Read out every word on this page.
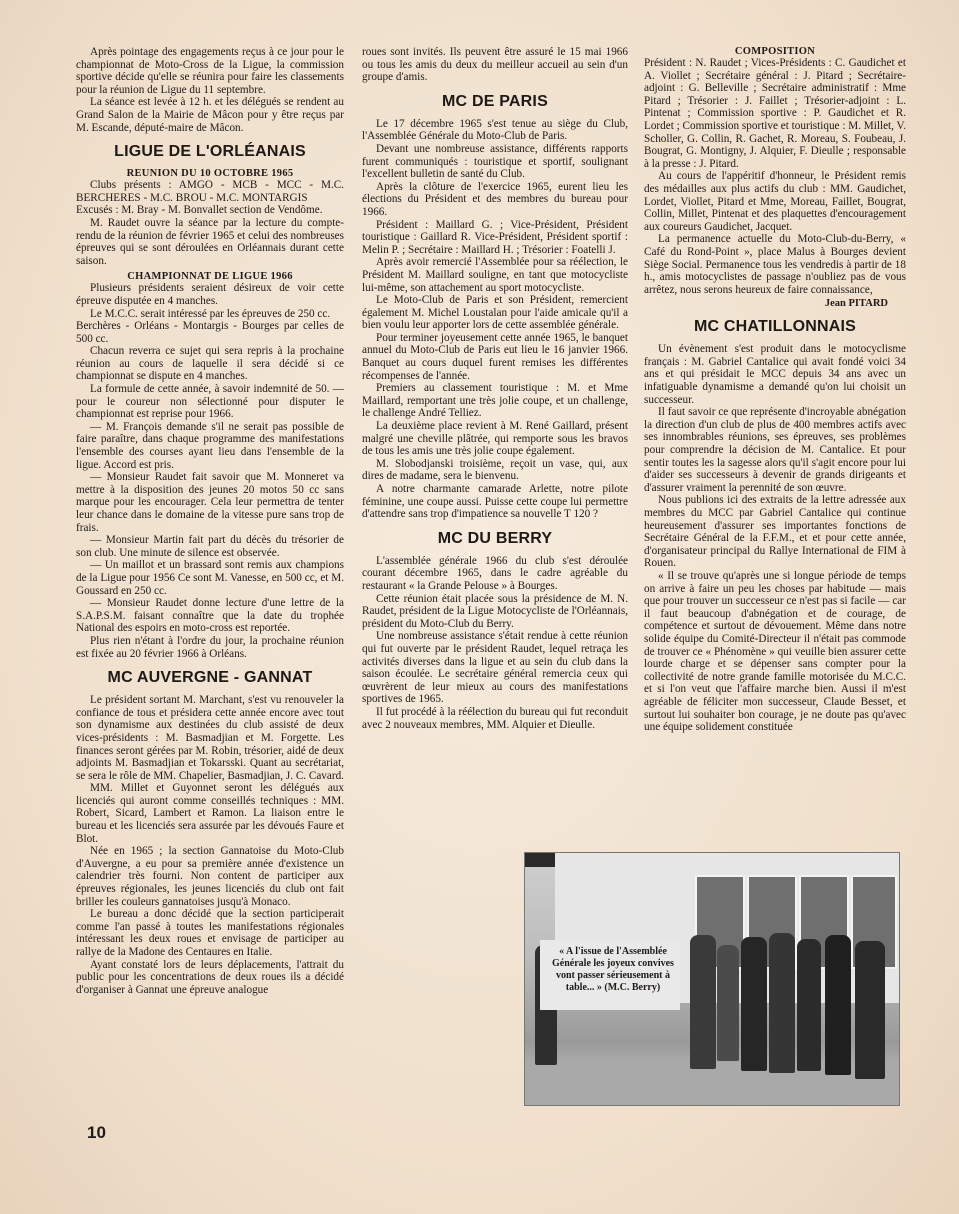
Après pointage des engagements reçus à ce jour pour le championnat de Moto-Cross de la Ligue, la commission sportive décide qu'elle se réunira pour faire les classements pour la réunion de Ligue du 11 septembre.

La séance est levée à 12 h. et les délégués se rendent au Grand Salon de la Mairie de Mâcon pour y être reçus par M. Escande, député-maire de Mâcon.

LIGUE DE L'ORLÉANAIS
REUNION DU 10 OCTOBRE 1965

Clubs présents : AMGO - MCB - MCC - M.C. BERCHERES - M.C. BROU - M.C. MONTARGIS

Excusés : M. Bray - M. Bonvallet section de Vendôme.

M. Raudet ouvre la séance par la lecture du compte-rendu de la réunion de février 1965 et celui des nombreuses épreuves qui se sont déroulées en Orléannais durant cette saison.

CHAMPIONNAT DE LIGUE 1966

Plusieurs présidents seraient désireux de voir cette épreuve disputée en 4 manches.

Le M.C.C. serait intéressé par les épreuves de 250 cc.

Berchères - Orléans - Montargis - Bourges par celles de 500 cc.

Chacun reverra ce sujet qui sera repris à la prochaine réunion au cours de laquelle il sera décidé si ce championnat se dispute en 4 manches.

La formule de cette année, à savoir indemnité de 50. — pour le coureur non sélectionné pour disputer le championnat est reprise pour 1966.

— M. François demande s'il ne serait pas possible de faire paraître, dans chaque programme des manifestations l'ensemble des courses ayant lieu dans l'ensemble de la ligue. Accord est pris.

— Monsieur Raudet fait savoir que M. Monneret va mettre à la disposition des jeunes 20 motos 50 cc sans marque pour les encourager. Cela leur permettra de tenter leur chance dans le domaine de la vitesse pure sans trop de frais.

— Monsieur Martin fait part du décès du trésorier de son club. Une minute de silence est observée.

— Un maillot et un brassard sont remis aux champions de la Ligue pour 1956 Ce sont M. Vanesse, en 500 cc, et M. Goussard en 250 cc.

— Monsieur Raudet donne lecture d'une lettre de la S.A.P.S.M. faisant connaître que la date du trophée National des espoirs en moto-cross est reportée.

Plus rien n'étant à l'ordre du jour, la prochaine réunion est fixée au 20 février 1966 à Orléans.

MC AUVERGNE - GANNAT

Le président sortant M. Marchant, s'est vu renouveler la confiance de tous et présidera cette année encore avec tout son dynamisme aux destinées du club assisté de deux vices-présidents : M. Basmadjian et M. Forgette. Les finances seront gérées par M. Robin, trésorier, aidé de deux adjoints M. Basmadjian et Tokarsski. Quant au secrétariat, se sera le rôle de MM. Chapelier, Basmadjian, J. C. Cavard.

MM. Millet et Guyonnet seront les délégués aux licenciés qui auront comme conseillés techniques : MM. Robert, Sicard, Lambert et Ramon. La liaison entre le bureau et les licenciés sera assurée par les dévoués Faure et Blot.

Née en 1965 ; la section Gannatoise du Moto-Club d'Auvergne, a eu pour sa première année d'existence un calendrier très fourni. Non content de participer aux épreuves régionales, les jeunes licenciés du club ont fait briller les couleurs gannatoises jusqu'à Monaco.

Le bureau a donc décidé que la section participerait comme l'an passé à toutes les manifestations régionales intéressant les deux roues et envisage de participer au rallye de la Madone des Centaures en Italie.

Ayant constaté lors de leurs déplacements, l'attrait du public pour les concentrations de deux roues ils a décidé d'organiser à Gannat une épreuve analogue

roues sont invités. Ils peuvent être assuré le 15 mai 1966 ou tous les amis du deux du meilleur accueil au sein d'un groupe d'amis.

MC DE PARIS

Le 17 décembre 1965 s'est tenue au siège du Club, l'Assemblée Générale du Moto-Club de Paris.

Devant une nombreuse assistance, différents rapports furent communiqués : touristique et sportif, soulignant l'excellent bulletin de santé du Club.

Après la clôture de l'exercice 1965, eurent lieu les élections du Président et des membres du bureau pour 1966.

Président : Maillard G. ; Vice-Président, Président touristique : Gaillard R. Vice-Président, Président sportif : Melin P. ; Secrétaire : Maillard H. ; Trésorier : Foatelli J.

Après avoir remercié l'Assemblée pour sa réélection, le Président M. Maillard souligne, en tant que motocycliste lui-même, son attachement au sport motocycliste.

Le Moto-Club de Paris et son Président, remercient également M. Michel Loustalan pour l'aide amicale qu'il a bien voulu leur apporter lors de cette assemblée générale.

Pour terminer joyeusement cette année 1965, le banquet annuel du Moto-Club de Paris eut lieu le 16 janvier 1966. Banquet au cours duquel furent remises les différentes récompenses de l'année.

Premiers au classement touristique : M. et Mme Maillard, remportant une très jolie coupe, et un challenge, le challenge André Telliez.

La deuxième place revient à M. René Gaillard, présent malgré une cheville plâtrée, qui remporte sous les bravos de tous les amis une très jolie coupe également.

M. Slobodjanski troisième, reçoit un vase, qui, aux dires de madame, sera le bienvenu.

A notre charmante camarade Arlette, notre pilote féminine, une coupe aussi. Puisse cette coupe lui permettre d'attendre sans trop d'impatience sa nouvelle T 120 ?

MC DU BERRY

L'assemblée générale 1966 du club s'est déroulée courant décembre 1965, dans le cadre agréable du restaurant « la Grande Pelouse » à Bourges.

Cette réunion était placée sous la présidence de M. N. Raudet, président de la Ligue Motocycliste de l'Orléannais, président du Moto-Club du Berry.

Une nombreuse assistance s'était rendue à cette réunion qui fut ouverte par le président Raudet, lequel retraça les activités diverses dans la ligue et au sein du club dans la saison écoulée. Le secrétaire général remercia ceux qui œuvrèrent de leur mieux au cours des manifestations sportives de 1965.

Il fut procédé à la réélection du bureau qui fut reconduit avec 2 nouveaux membres, MM. Alquier et Dieulle.

COMPOSITION

Président : N. Raudet ; Vices-Présidents : C. Gaudichet et A. Viollet ; Secrétaire général : J. Pitard ; Secrétaire-adjoint : G. Belleville ; Secrétaire administratif : Mme Pitard ; Trésorier : J. Faillet ; Trésorier-adjoint : L. Pintenat ; Commission sportive : P. Gaudichet et R. Lordet ; Commission sportive et touristique : M. Millet, V. Scholler, G. Collin, R. Gachet, R. Moreau, S. Foubeau, J. Bougrat, G. Montigny, J. Alquier, F. Dieulle ; responsable à la presse : J. Pitard.

Au cours de l'appéritif d'honneur, le Président remis des médailles aux plus actifs du club : MM. Gaudichet, Lordet, Viollet, Pitard et Mme, Moreau, Faillet, Bougrat, Collin, Millet, Pintenat et des plaquettes d'encouragement aux coureurs Gaudichet, Jacquet.

La permanence actuelle du Moto-Club-du-Berry, « Café du Rond-Point », place Malus à Bourges devient Siège Social. Permanence tous les vendredis à partir de 18 h., amis motocyclistes de passage n'oubliez pas de vous arrêtez, nous serons heureux de faire connaissance,

Jean PITARD
MC CHATILLONNAIS

Un évènement s'est produit dans le motocyclisme français : M. Gabriel Cantalice qui avait fondé voici 34 ans et qui présidait le MCC depuis 34 ans avec un infatiguable dynamisme a demandé qu'on lui choisit un successeur.

Il faut savoir ce que représente d'incroyable abnégation la direction d'un club de plus de 400 membres actifs avec ses innombrables réunions, ses épreuves, ses problèmes pour comprendre la décision de M. Cantalice. Et pour sentir toutes les la sagesse alors qu'il s'agit encore pour lui d'aider ses successeurs à devenir de grands dirigeants et d'assurer vraiment la perennité de son œuvre.

Nous publions ici des extraits de la lettre adressée aux membres du MCC par Gabriel Cantalice qui continue heureusement d'assurer ses importantes fonctions de Secrétaire Général de la F.F.M., et et pour cette année, d'organisateur principal du Rallye International de FIM à Rouen.

« Il se trouve qu'après une si longue période de temps on arrive à faire un peu les choses par habitude — mais que pour trouver un successeur ce n'est pas si facile — car il faut beaucoup d'abnégation et de courage, de compétence et surtout de dévouement. Même dans notre solide équipe du Comité-Directeur il n'était pas commode de trouver ce « Phénomène » qui veuille bien assurer cette lourde charge et se dépenser sans compter pour la collectivité de notre grande famille motorisée du M.C.C. et si l'on veut que l'affaire marche bien. Aussi il m'est agréable de féliciter mon successeur, Claude Besset, et surtout lui souhaiter bon courage, je ne doute pas qu'avec une équipe solidement constituée

« A l'issue de l'Assemblée Générale les joyeux convives vont passer sérieusement à table... » (M.C. Berry)
10
